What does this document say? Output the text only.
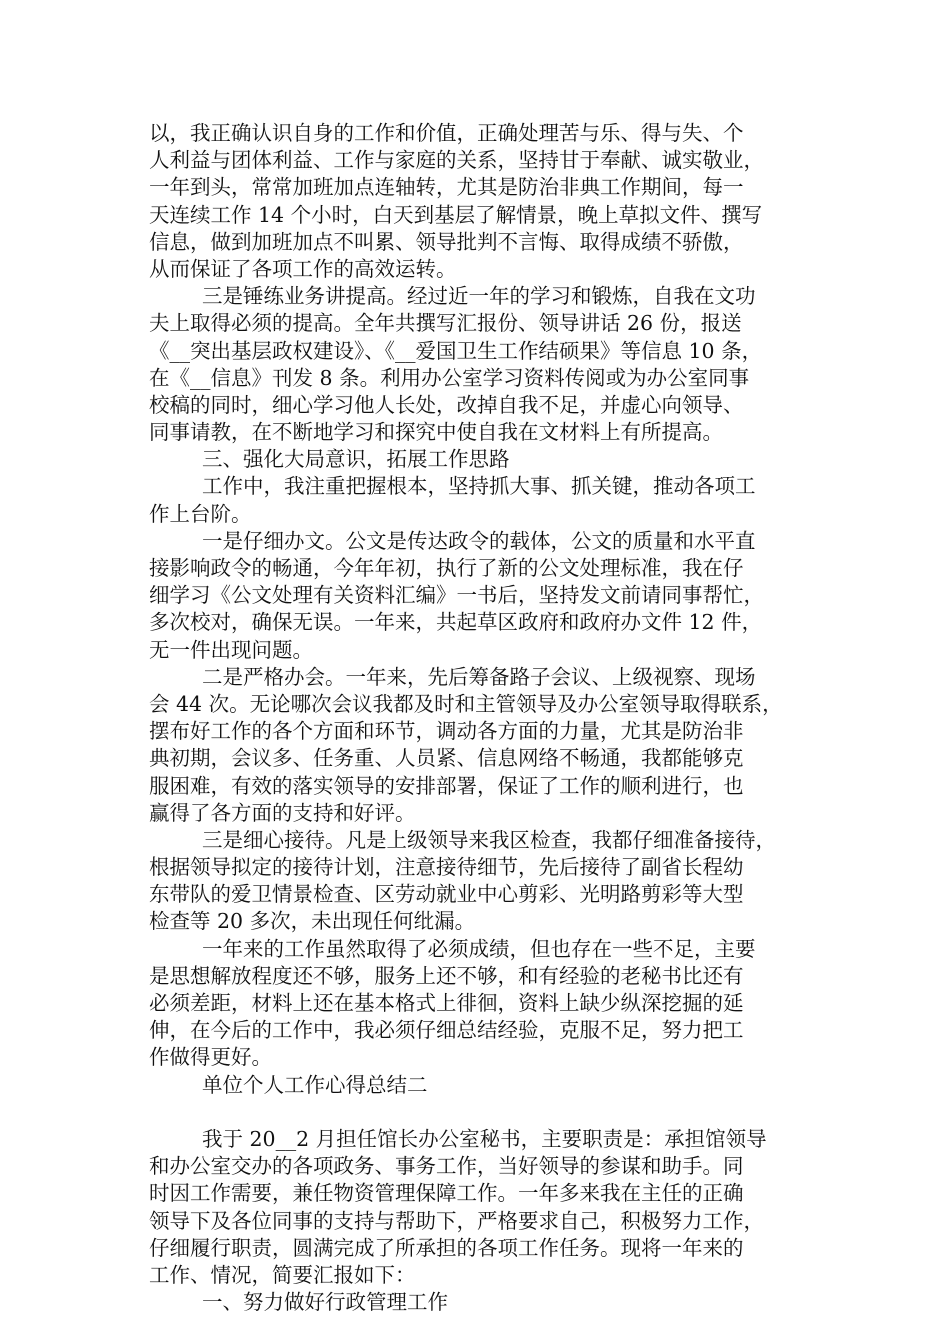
以，我正确认识自身的工作和价值，正确处理苦与乐、得与失、个
人利益与团体利益、工作与家庭的关系，坚持甘于奉献、诚实敬业，
一年到头，常常加班加点连轴转，尤其是防治非典工作期间，每一
天连续工作 14 个小时，白天到基层了解情景，晚上草拟文件、撰写
信息，做到加班加点不叫累、领导批判不言悔、取得成绩不骄傲，
从而保证了各项工作的高效运转。
三是锤练业务讲提高。经过近一年的学习和锻炼，自我在文功
夫上取得必须的提高。全年共撰写汇报份、领导讲话 26 份，报送
《__突出基层政权建设》、《__爱国卫生工作结硕果》等信息 10 条，
在《__信息》刊发 8 条。利用办公室学习资料传阅或为办公室同事
校稿的同时，细心学习他人长处，改掉自我不足，并虚心向领导、
同事请教，在不断地学习和探究中使自我在文材料上有所提高。
三、强化大局意识，拓展工作思路
工作中，我注重把握根本，坚持抓大事、抓关键，推动各项工
作上台阶。
一是仔细办文。公文是传达政令的载体，公文的质量和水平直
接影响政令的畅通，今年年初，执行了新的公文处理标准，我在仔
细学习《公文处理有关资料汇编》一书后，坚持发文前请同事帮忙，
多次校对，确保无误。一年来，共起草区政府和政府办文件 12 件，
无一件出现问题。
二是严格办会。一年来，先后筹备路子会议、上级视察、现场
会 44 次。无论哪次会议我都及时和主管领导及办公室领导取得联系，
摆布好工作的各个方面和环节，调动各方面的力量，尤其是防治非
典初期，会议多、任务重、人员紧、信息网络不畅通，我都能够克
服困难，有效的落实领导的安排部署，保证了工作的顺利进行，也
赢得了各方面的支持和好评。
三是细心接待。凡是上级领导来我区检查，我都仔细准备接待，
根据领导拟定的接待计划，注意接待细节，先后接待了副省长程幼
东带队的爱卫情景检查、区劳动就业中心剪彩、光明路剪彩等大型
检查等 20 多次，未出现任何纰漏。
一年来的工作虽然取得了必须成绩，但也存在一些不足，主要
是思想解放程度还不够，服务上还不够，和有经验的老秘书比还有
必须差距，材料上还在基本格式上徘徊，资料上缺少纵深挖掘的延
伸，在今后的工作中，我必须仔细总结经验，克服不足，努力把工
作做得更好。
单位个人工作心得总结二
我于 20__2 月担任馆长办公室秘书，主要职责是：承担馆领导
和办公室交办的各项政务、事务工作，当好领导的参谋和助手。同
时因工作需要，兼任物资管理保障工作。一年多来我在主任的正确
领导下及各位同事的支持与帮助下，严格要求自己，积极努力工作，
仔细履行职责，圆满完成了所承担的各项工作任务。现将一年来的
工作、情况，简要汇报如下：
一、努力做好行政管理工作
